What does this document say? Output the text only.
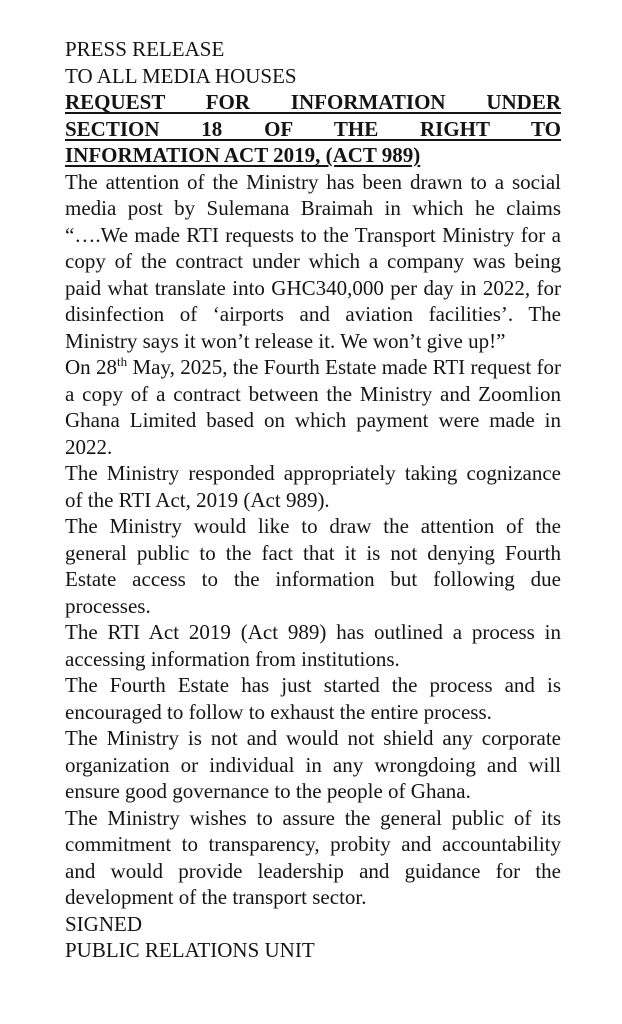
PRESS RELEASE

TO ALL MEDIA HOUSES

REQUEST FOR INFORMATION UNDER
SECTION 18 OF THE RIGHT TO
INFORMATION ACT 2019, (ACT 989)

The attention of the Ministry has been drawn to a social media post by Sulemana Braimah in which he claims “….We made RTI requests to the Transport Ministry for a copy of the contract under which a company was being paid what translate into GHC340,000 per day in 2022, for disinfection of ‘airports and aviation facilities’. The Ministry says it won’t release it. We won’t give up!”

On 28th May, 2025, the Fourth Estate made RTI request for a copy of a contract between the Ministry and Zoomlion Ghana Limited based on which payment were made in 2022.

The Ministry responded appropriately taking cognizance of the RTI Act, 2019 (Act 989).

The Ministry would like to draw the attention of the general public to the fact that it is not denying Fourth Estate access to the information but following due processes.

The RTI Act 2019 (Act 989) has outlined a process in accessing information from institutions.

The Fourth Estate has just started the process and is encouraged to follow to exhaust the entire process.

The Ministry is not and would not shield any corporate organization or individual in any wrongdoing and will ensure good governance to the people of Ghana.

The Ministry wishes to assure the general public of its commitment to transparency, probity and accountability and would provide leadership and guidance for the development of the transport sector.

SIGNED

PUBLIC RELATIONS UNIT
